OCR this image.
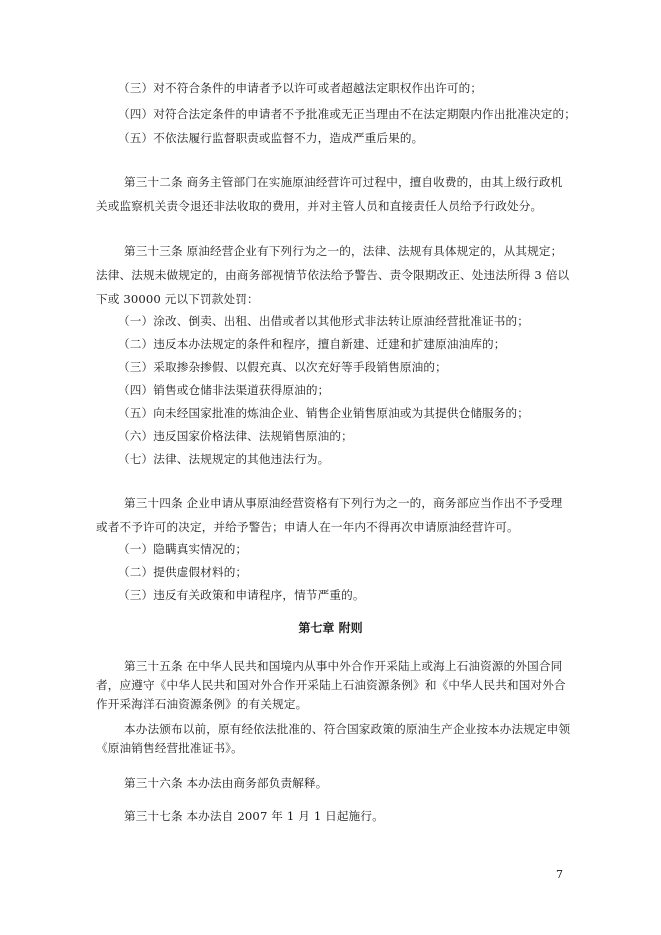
（三）对不符合条件的申请者予以许可或者超越法定职权作出许可的；
（四）对符合法定条件的申请者不予批准或无正当理由不在法定期限内作出批准决定的；
（五）不依法履行监督职责或监督不力，造成严重后果的。
第三十二条 商务主管部门在实施原油经营许可过程中，擅自收费的，由其上级行政机
关或监察机关责令退还非法收取的费用，并对主管人员和直接责任人员给予行政处分。
第三十三条 原油经营企业有下列行为之一的，法律、法规有具体规定的，从其规定；
法律、法规未做规定的，由商务部视情节依法给予警告、责令限期改正、处违法所得 3 倍以
下或 30000 元以下罚款处罚：
（一）涂改、倒卖、出租、出借或者以其他形式非法转让原油经营批准证书的；
（二）违反本办法规定的条件和程序，擅自新建、迁建和扩建原油油库的；
（三）采取掺杂掺假、以假充真、以次充好等手段销售原油的；
（四）销售或仓储非法渠道获得原油的；
（五）向未经国家批准的炼油企业、销售企业销售原油或为其提供仓储服务的；
（六）违反国家价格法律、法规销售原油的；
（七）法律、法规规定的其他违法行为。
第三十四条 企业申请从事原油经营资格有下列行为之一的，商务部应当作出不予受理
或者不予许可的决定，并给予警告；申请人在一年内不得再次申请原油经营许可。
（一）隐瞒真实情况的；
（二）提供虚假材料的；
（三）违反有关政策和申请程序，情节严重的。
第七章 附则
第三十五条 在中华人民共和国境内从事中外合作开采陆上或海上石油资源的外国合同
者，应遵守《中华人民共和国对外合作开采陆上石油资源条例》和《中华人民共和国对外合
作开采海洋石油资源条例》的有关规定。
本办法颁布以前，原有经依法批准的、符合国家政策的原油生产企业按本办法规定申领
《原油销售经营批准证书》。
第三十六条 本办法由商务部负责解释。
第三十七条 本办法自 2007 年 1 月 1 日起施行。
7
